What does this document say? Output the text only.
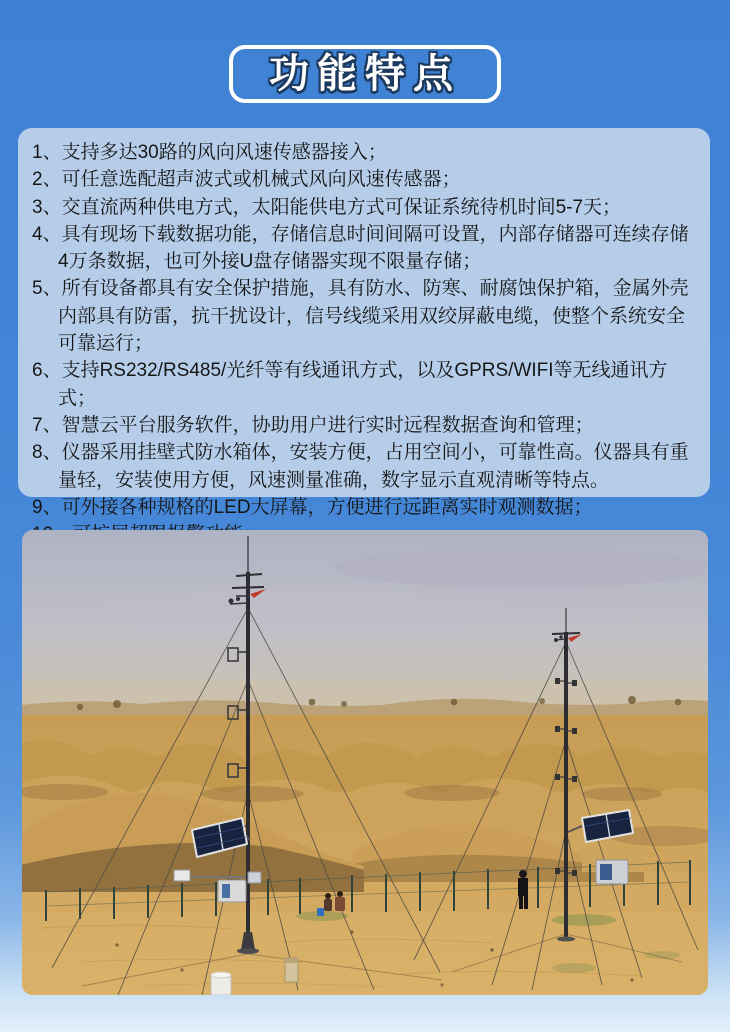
功能特点
1、支持多达30路的风向风速传感器接入；
2、可任意选配超声波式或机械式风向风速传感器；
3、交直流两种供电方式，太阳能供电方式可保证系统待机时间5-7天；
4、具有现场下载数据功能，存储信息时间间隔可设置，内部存储器可连续存储4万条数据，也可外接U盘存储器实现不限量存储；
5、所有设备都具有安全保护措施，具有防水、防寒、耐腐蚀保护箱，金属外壳内部具有防雷，抗干扰设计，信号线缆采用双绞屏蔽电缆，使整个系统安全可靠运行；
6、支持RS232/RS485/光纤等有线通讯方式，以及GPRS/WIFI等无线通讯方式；
7、智慧云平台服务软件，协助用户进行实时远程数据查询和管理；
8、仪器采用挂壁式防水箱体，安装方便，占用空间小，可靠性高。仪器具有重量轻，安装使用方便，风速测量准确，数字显示直观清晰等特点。
9、可外接各种规格的LED大屏幕，方便进行远距离实时观测数据；
